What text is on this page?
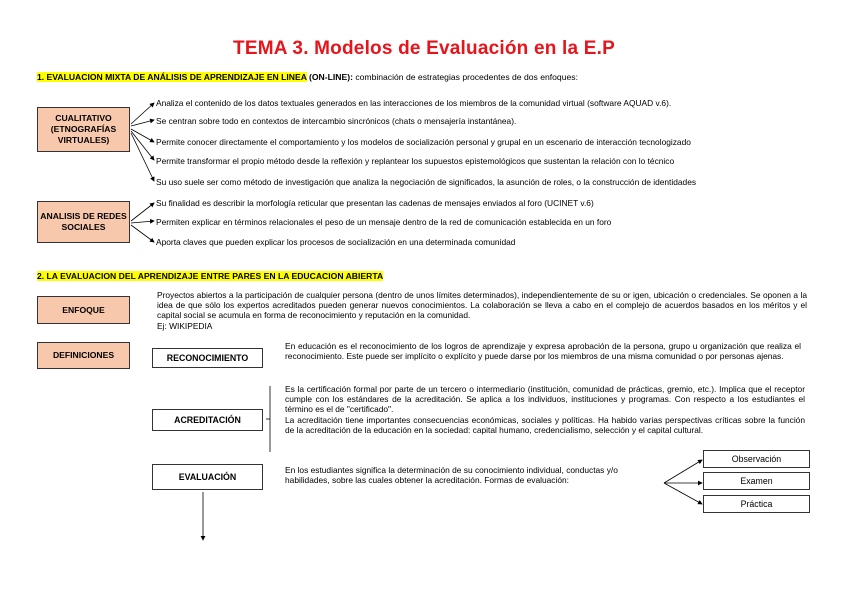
TEMA 3. Modelos de Evaluación en la E.P
1. EVALUACION MIXTA DE ANÁLISIS DE APRENDIZAJE EN LINEA (ON-LINE): combinación de estrategias procedentes de dos enfoques:
CUALITATIVO (ETNOGRAFÍAS VIRTUALES)
Analiza el contenido de los datos textuales generados en las interacciones de los miembros de la comunidad virtual (software AQUAD v.6).
Se centran sobre todo en contextos de intercambio sincrónicos (chats o mensajería instantánea).
Permite conocer directamente el comportamiento y los modelos de socialización personal y grupal en un escenario de interacción tecnologizado
Permite transformar el propio método desde la reflexión y replantear los supuestos epistemológicos que sustentan la relación con lo técnico
Su uso suele ser como método de investigación que analiza la negociación de significados, la asunción de roles, o la construcción de identidades
ANALISIS DE REDES SOCIALES
Su finalidad es describir la morfología reticular que presentan las cadenas de mensajes enviados al foro (UCINET v.6)
Permiten explicar en términos relacionales el peso de un mensaje dentro de la red de comunicación establecida en un foro
Aporta claves que pueden explicar los procesos de socialización en una determinada comunidad
2. LA EVALUACION DEL APRENDIZAJE ENTRE PARES EN LA EDUCACION ABIERTA
ENFOQUE
Proyectos abiertos a la participación de cualquier persona (dentro de unos límites determinados), independientemente de su or igen, ubicación o credenciales. Se oponen a la idea de que sólo los expertos acreditados pueden generar nuevos conocimientos. La colaboración se lleva a cabo en el complejo de acuerdos basados en los méritos y el capital social se acumula en forma de reconocimiento y reputación en la comunidad.
Ej: WIKIPEDIA
DEFINICIONES	RECONOCIMIENTO
En educación es el reconocimiento de los logros de aprendizaje y expresa aprobación de la persona, grupo u organización que realiza el reconocimiento. Este puede ser implícito o explícito y puede darse por los miembros de una misma comunidad o por personas ajenas.
ACREDITACIÓN
Es la certificación formal por parte de un tercero o intermediario (institución, comunidad de prácticas, gremio, etc.). Implica que el receptor cumple con los estándares de la acreditación. Se aplica a los individuos, instituciones y programas. Con respecto a los estudiantes el término es el de "certificado".
La acreditación tiene importantes consecuencias económicas, sociales y políticas. Ha habido varias perspectivas críticas sobre la función de la acreditación de la educación en la sociedad: capital humano, credencialismo, selección y el capital cultural.
EVALUACIÓN
En los estudiantes significa la determinación de su conocimiento individual, conductas y/o habilidades, sobre las cuales obtener la acreditación. Formas de evaluación:
Observación
Examen
Práctica
